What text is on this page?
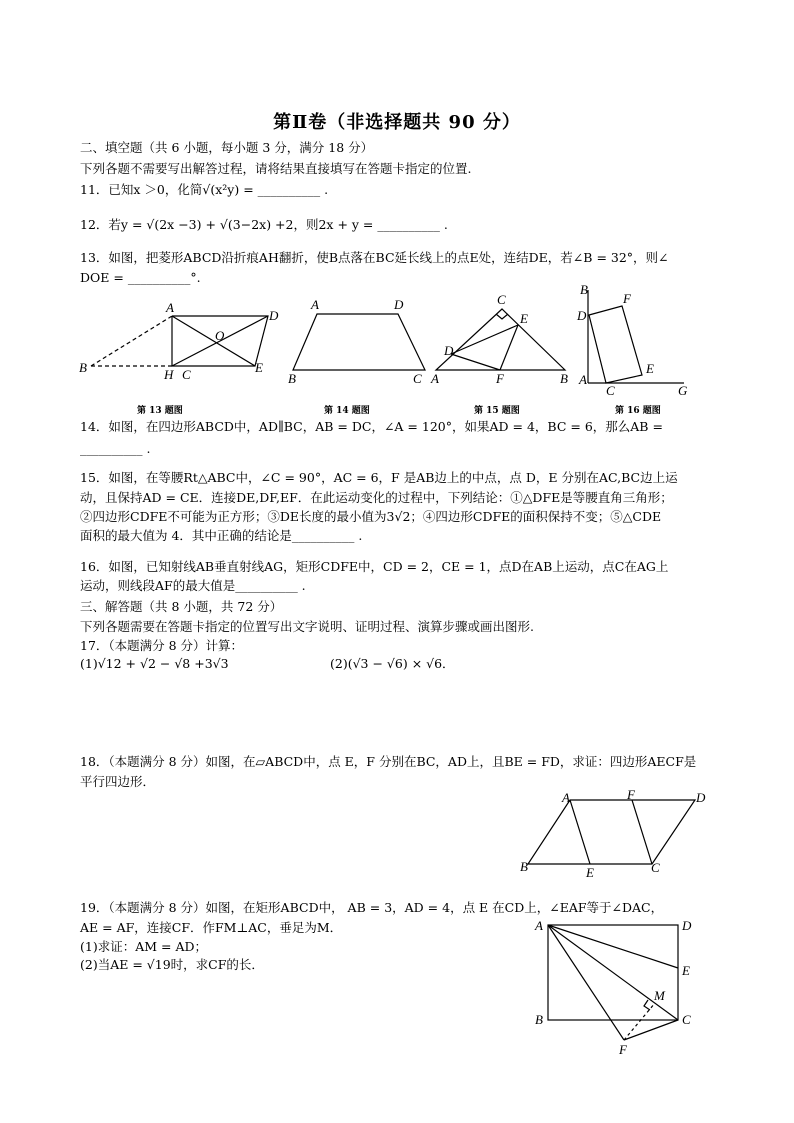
第Ⅱ卷（非选择题共 90 分）
二、填空题（共 6 小题，每小题 3 分，满分 18 分）
下列各题不需要写出解答过程，请将结果直接填写在答题卡指定的位置.
11．已知x ＞0，化简√(x²y) = __________ .
12．若y = √(2x −3) + √(3−2x) +2，则2x + y = __________ .
13．如图，把菱形ABCD沿折痕AH翻折，使B点落在BC延长线上的点E处，连结DE，若∠B = 32°，则∠
DOE = __________°.
第 13 题图	第 14 题图	第 15 题图	第 16 题图
14．如图，在四边形ABCD中，AD∥BC，AB = DC，∠A = 120°，如果AD = 4，BC = 6，那么AB =
__________ .
15．如图，在等腰Rt△ABC中，∠C = 90°，AC = 6，F 是AB边上的中点，点 D，E 分别在AC,BC边上运
动，且保持AD = CE．连接DE,DF,EF．在此运动变化的过程中，下列结论：①△DFE是等腰直角三角形；
②四边形CDFE不可能为正方形；③DE长度的最小值为3√2；④四边形CDFE的面积保持不变；⑤△CDE
面积的最大值为 4．其中正确的结论是__________ .
16．如图，已知射线AB垂直射线AG，矩形CDFE中，CD = 2，CE = 1，点D在AB上运动，点C在AG上
运动，则线段AF的最大值是__________ .
三、解答题（共 8 小题，共 72 分）
下列各题需要在答题卡指定的位置写出文字说明、证明过程、演算步骤或画出图形.
17．（本题满分 8 分）计算：
(1)√12 + √2 − √8 +3√3	(2)(√3 − √6) × √6．
18．（本题满分 8 分）如图，在▱ABCD中，点 E，F 分别在BC，AD上，且BE = FD，求证：四边形AECF是
平行四边形．
19．（本题满分 8 分）如图，在矩形ABCD中， AB = 3，AD = 4，点 E 在CD上，∠EAF等于∠DAC，
AE = AF，连接CF．作FM⊥AC，垂足为M．
(1)求证：AM = AD；
(2)当AE = √19时，求CF的长．
A
D
O
B	H C	E
A	D
B	C
C
E
D
A	F	B
B
F
D
E
A
C	G
A	F	D
B	E	C
A	D
E
M
B	C
F
